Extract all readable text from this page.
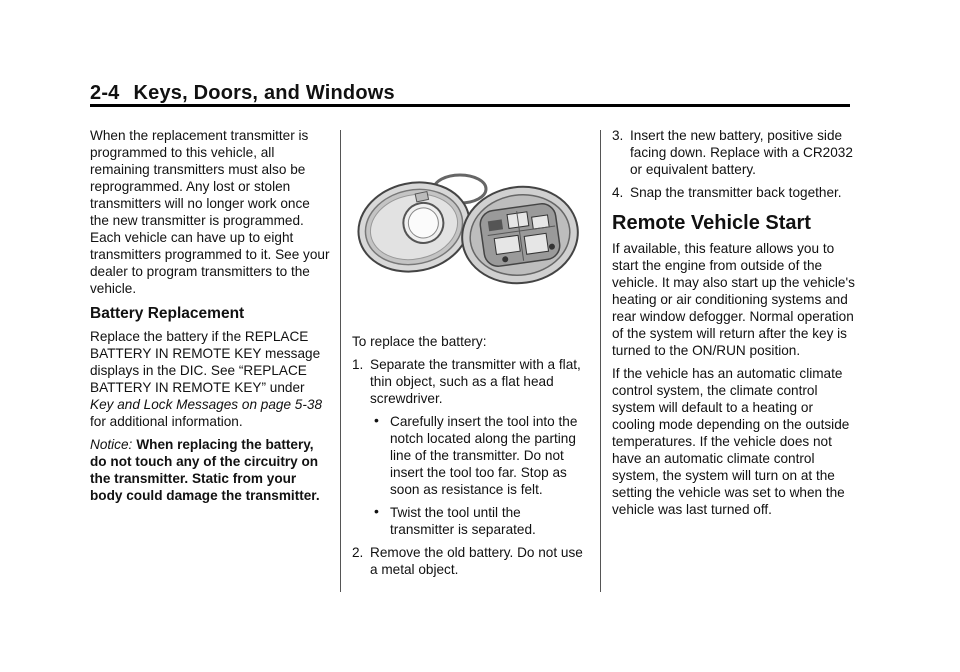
2-4 Keys, Doors, and Windows

When the replacement transmitter is programmed to this vehicle, all remaining transmitters must also be reprogrammed. Any lost or stolen transmitters will no longer work once the new transmitter is programmed. Each vehicle can have up to eight transmitters programmed to it. See your dealer to program transmitters to the vehicle.

Battery Replacement

Replace the battery if the REPLACE BATTERY IN REMOTE KEY message displays in the DIC. See “REPLACE BATTERY IN REMOTE KEY” under Key and Lock Messages on page 5-38 for additional information.

Notice: When replacing the battery, do not touch any of the circuitry on the transmitter. Static from your body could damage the transmitter.

To replace the battery:

1. Separate the transmitter with a flat, thin object, such as a flat head screwdriver.
• Carefully insert the tool into the notch located along the parting line of the transmitter. Do not insert the tool too far. Stop as soon as resistance is felt.
• Twist the tool until the transmitter is separated.
2. Remove the old battery. Do not use a metal object.
3. Insert the new battery, positive side facing down. Replace with a CR2032 or equivalent battery.
4. Snap the transmitter back together.
Remote Vehicle Start

If available, this feature allows you to start the engine from outside of the vehicle. It may also start up the vehicle's heating or air conditioning systems and rear window defogger. Normal operation of the system will return after the key is turned to the ON/RUN position.

If the vehicle has an automatic climate control system, the climate control system will default to a heating or cooling mode depending on the outside temperatures. If the vehicle does not have an automatic climate control system, the system will turn on at the setting the vehicle was set to when the vehicle was last turned off.
